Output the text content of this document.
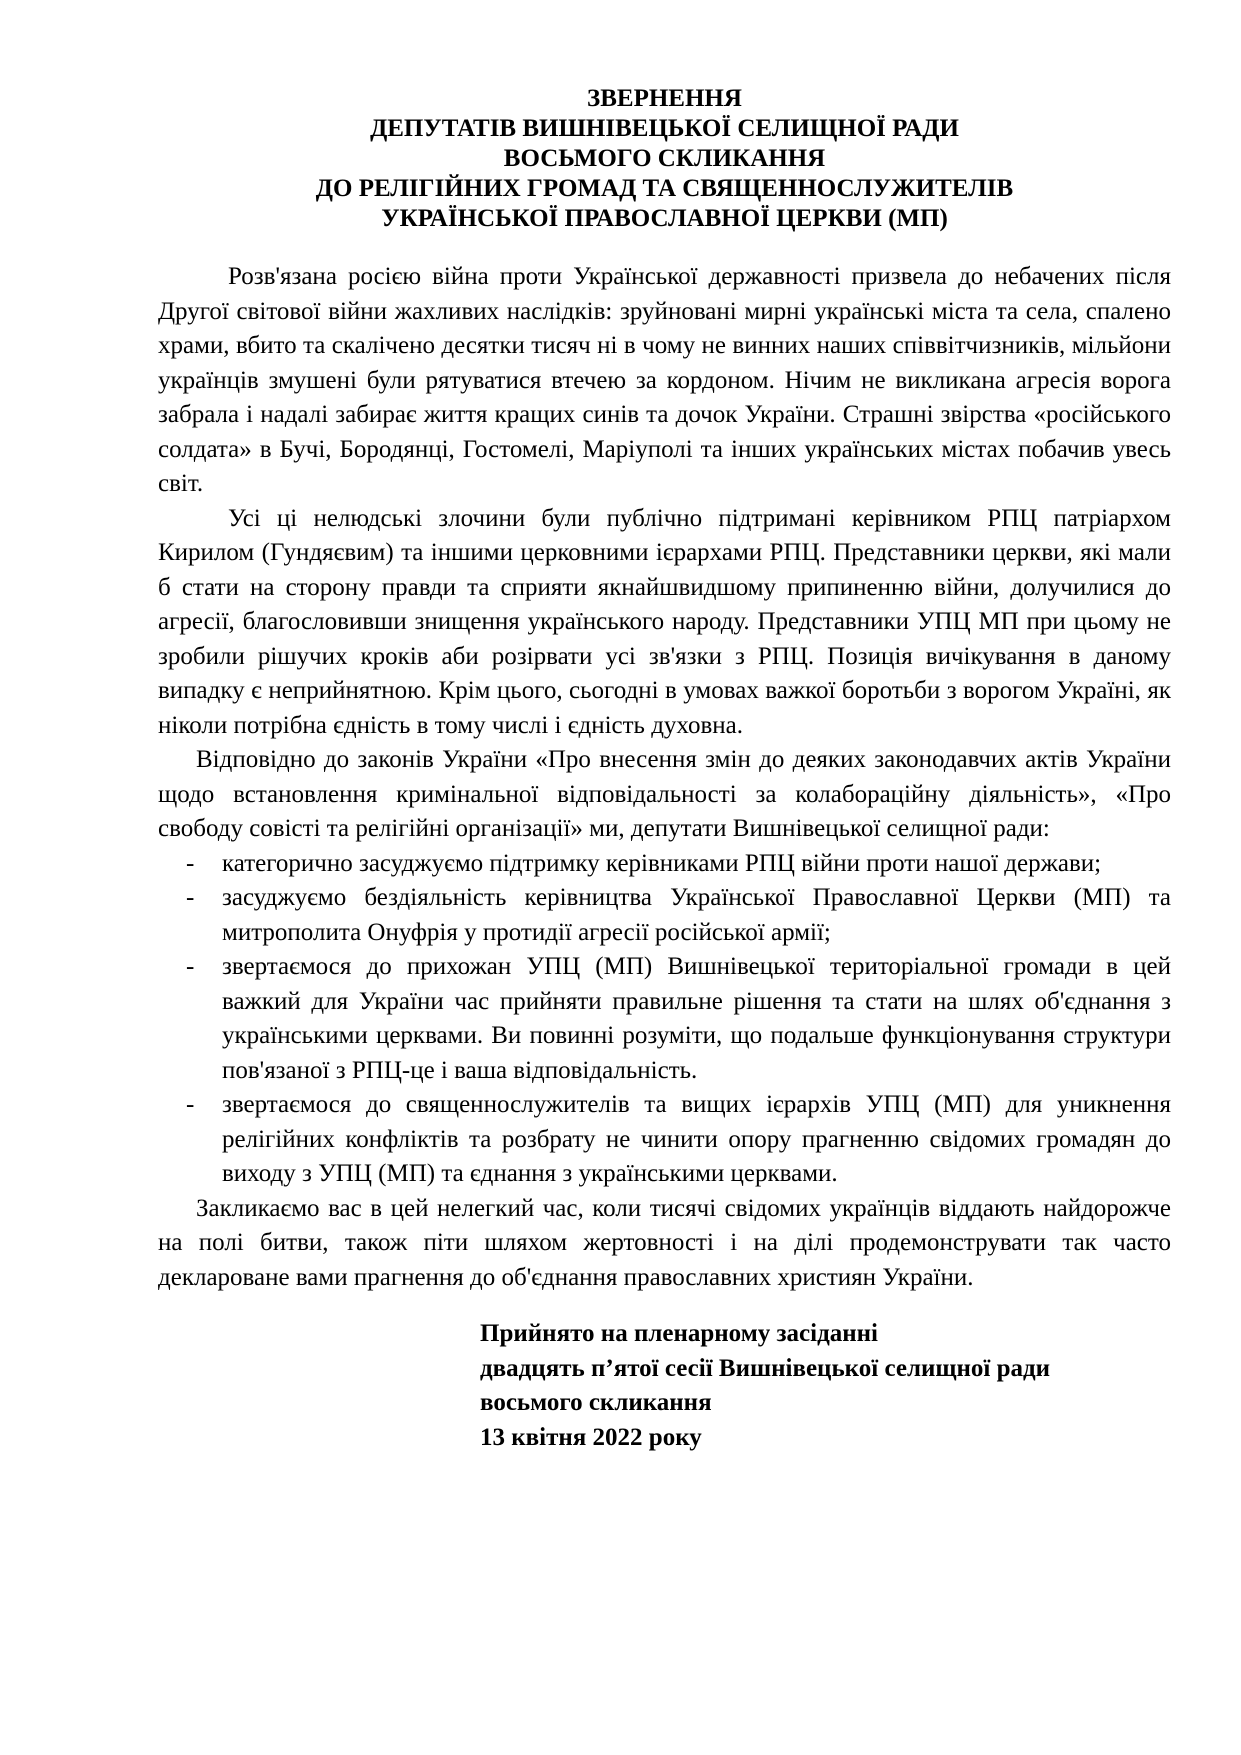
ЗВЕРНЕННЯ
ДЕПУТАТІВ ВИШНІВЕЦЬКОЇ СЕЛИЩНОЇ РАДИ
ВОСЬМОГО СКЛИКАННЯ
ДО РЕЛІГІЙНИХ ГРОМАД ТА СВЯЩЕННОСЛУЖИТЕЛІВ
УКРАЇНСЬКОЇ ПРАВОСЛАВНОЇ ЦЕРКВИ (МП)

Розв'язана росією війна проти Української державності призвела до небачених після Другої світової війни жахливих наслідків: зруйновані мирні українські міста та села, спалено храми, вбито та скалічено десятки тисяч ні в чому не винних наших співвітчизників, мільйони українців змушені були рятуватися втечею за кордоном. Нічим не викликана агресія ворога забрала і надалі забирає життя кращих синів та дочок України. Страшні звірства «російського солдата» в Бучі, Бородянці, Гостомелі, Маріуполі та інших українських містах побачив увесь світ.

Усі ці нелюдські злочини були публічно підтримані керівником РПЦ патріархом Кирилом (Гундяєвим) та іншими церковними ієрархами РПЦ. Представники церкви, які мали б стати на сторону правди та сприяти якнайшвидшому припиненню війни, долучилися до агресії, благословивши знищення українського народу. Представники УПЦ МП при цьому не зробили рішучих кроків аби розірвати усі зв'язки з РПЦ. Позиція вичікування в даному випадку є неприйнятною. Крім цього, сьогодні в умовах важкої боротьби з ворогом Україні, як ніколи потрібна єдність в тому числі і єдність духовна.

Відповідно до законів України «Про внесення змін до деяких законодавчих актів України щодо встановлення кримінальної відповідальності за колабораційну діяльність», «Про свободу совісті та релігійні організації» ми, депутати Вишнівецької селищної ради:

- категорично засуджуємо підтримку керівниками РПЦ війни проти нашої держави;
- засуджуємо бездіяльність керівництва Української Православної Церкви (МП) та митрополита Онуфрія у протидії агресії російської армії;
- звертаємося до прихожан УПЦ (МП) Вишнівецької територіальної громади в цей важкий для України час прийняти правильне рішення та стати на шлях об'єднання з українськими церквами. Ви повинні розуміти, що подальше функціонування структури пов'язаної з РПЦ-це і ваша відповідальність.
- звертаємося до священнослужителів та вищих ієрархів УПЦ (МП) для уникнення релігійних конфліктів та розбрату не чинити опору прагненню свідомих громадян до виходу з УПЦ (МП) та єднання з українськими церквами.

Закликаємо вас в цей нелегкий час, коли тисячі свідомих українців віддають найдорожче на полі битви, також піти шляхом жертовності і на ділі продемонструвати так часто деклароване вами прагнення до об'єднання православних християн України.

Прийнято на пленарному засіданні
двадцять п’ятої сесії Вишнівецької селищної ради
восьмого скликання
13 квітня 2022 року
